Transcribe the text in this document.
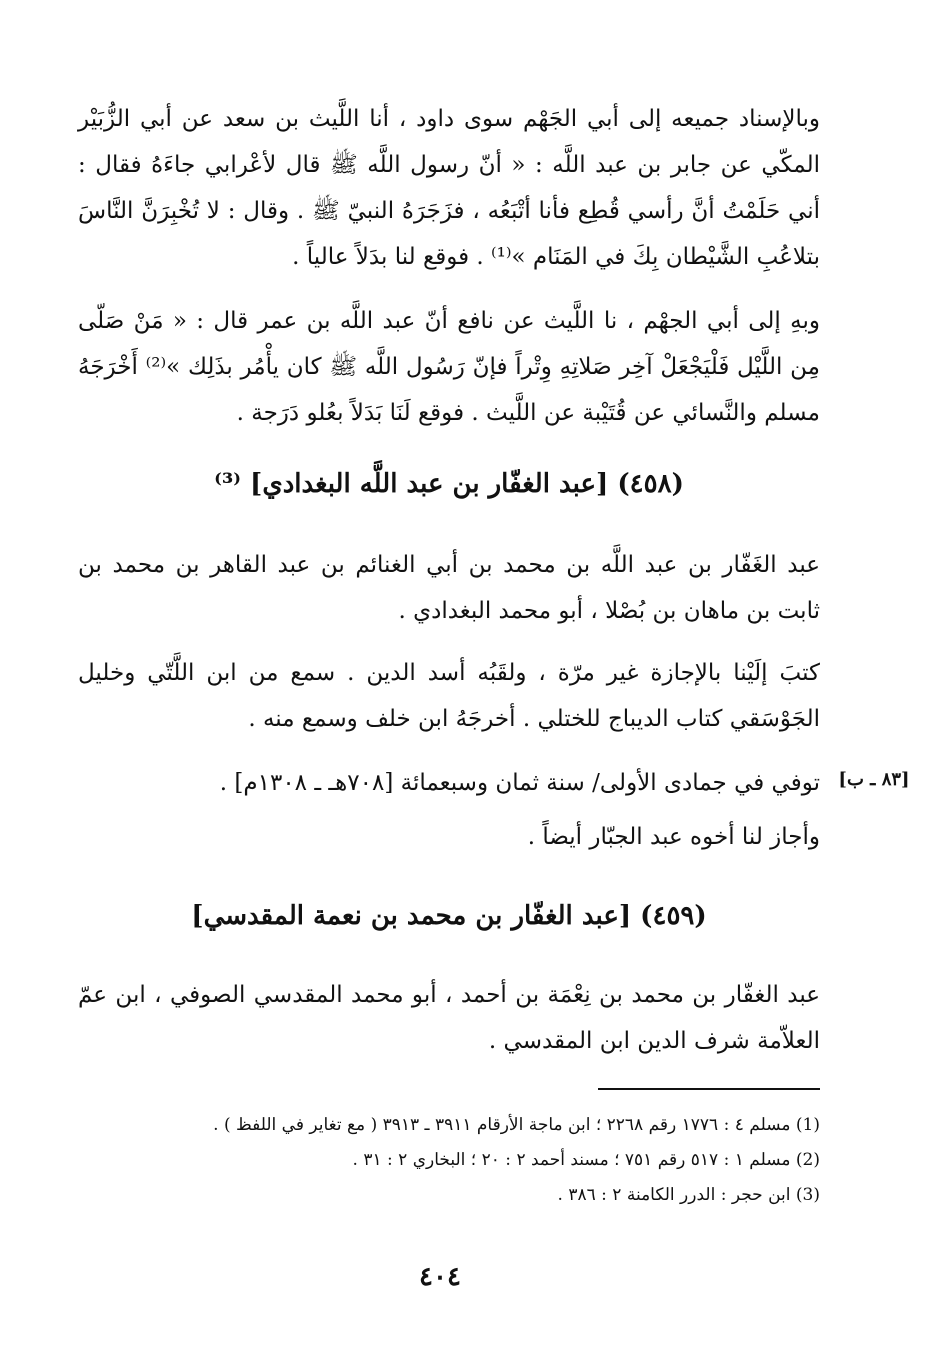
وبالإسناد جميعه إلى أبي الجَهْم سوى داود ، أنا اللَّيث بن سعد عن أبي الزُّبَيْر المكّي عن جابر بن عبد اللَّه : « أنّ رسول اللَّه ﷺ قال لأعْرابي جاءَهُ فقال : أني حَلَمْتُ أنَّ رأسي قُطِع فأنا أتْبَعُه ، فزَجَرَهُ النبيّ ﷺ . وقال : لا تُخْبِرَنَّ النَّاسَ بتلاعُبِ الشَّيْطان بِكَ في المَنَام »⁽¹⁾ . فوقع لنا بدَلاً عالياً .

وبهِ إلى أبي الجهْم ، نا اللَّيث عن نافع أنّ عبد اللَّه بن عمر قال : « مَنْ صَلّى مِن اللَّيْل فَلْيَجْعَلْ آخِر صَلاتِهِ وِتْراً فإنّ رَسُول اللَّه ﷺ كان يأْمُر بذَلِك »⁽²⁾ أَخْرَجَهُ مسلم والنَّسائي عن قُتَيْبة عن اللَّيث . فوقع لَنَا بَدَلاً بعُلو دَرَجة .

(٤٥٨) [عبد الغفّار بن عبد اللَّه البغدادي] ⁽³⁾

عبد الغَفّار بن عبد اللَّه بن محمد بن أبي الغنائم بن عبد القاهر بن محمد بن ثابت بن ماهان بن بُصْلا ، أبو محمد البغدادي .

كتبَ إلَيْنا بالإجازة غير مرّة ، ولقَبُه أسد الدين . سمع من ابن اللَّتّي وخليل الجَوْسَقي كتاب الديباج للختلي . أخرجَهُ ابن خلف وسمع منه .

توفي في جمادى الأولى/ سنة ثمان وسبعمائة [٧٠٨هـ ـ ١٣٠٨م] . [٨٣ ـ ب]

وأجاز لنا أخوه عبد الجبّار أيضاً .

(٤٥٩) [عبد الغفّار بن محمد بن نعمة المقدسي]

عبد الغفّار بن محمد بن نِعْمَة بن أحمد ، أبو محمد المقدسي الصوفي ، ابن عمّ العلاّمة شرف الدين ابن المقدسي .

(1) مسلم ٤ : ١٧٧٦ رقم ٢٢٦٨ ؛ ابن ماجة الأرقام ٣٩١١ ـ ٣٩١٣ ( مع تغاير في اللفظ ) .
(2) مسلم ١ : ٥١٧ رقم ٧٥١ ؛ مسند أحمد ٢ : ٢٠ ؛ البخاري ٢ : ٣١ .
(3) ابن حجر : الدرر الكامنة ٢ : ٣٨٦ .
٤٠٤
